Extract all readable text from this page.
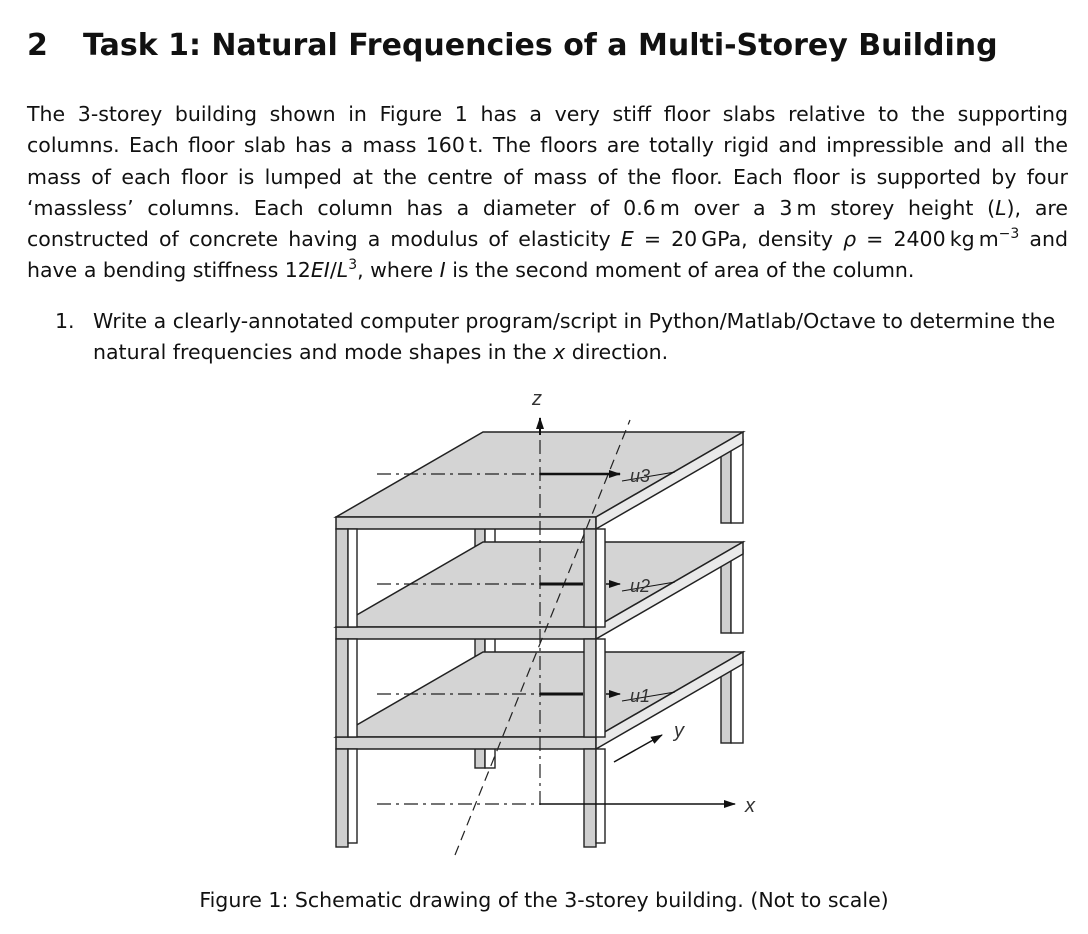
2 Task 1: Natural Frequencies of a Multi-Storey Building

The 3-storey building shown in Figure 1 has a very stiff floor slabs relative to the supporting columns. Each floor slab has a mass 160 t. The floors are totally rigid and impressible and all the mass of each floor is lumped at the centre of mass of the floor. Each floor is supported by four ‘massless’ columns. Each column has a diameter of 0.6 m over a 3 m storey height (L), are constructed of concrete having a modulus of elasticity E = 20 GPa, density ρ = 2400 kg $m^{-3}$ and have a bending stiffness $12EI/L^3$, where I is the second moment of area of the column.

1. Write a clearly-annotated computer program/script in Python/Matlab/Octave to determine the natural frequencies and mode shapes in the x direction.
z
x
y
u3
u2
u1
Figure 1: Schematic drawing of the 3-storey building. (Not to scale)
